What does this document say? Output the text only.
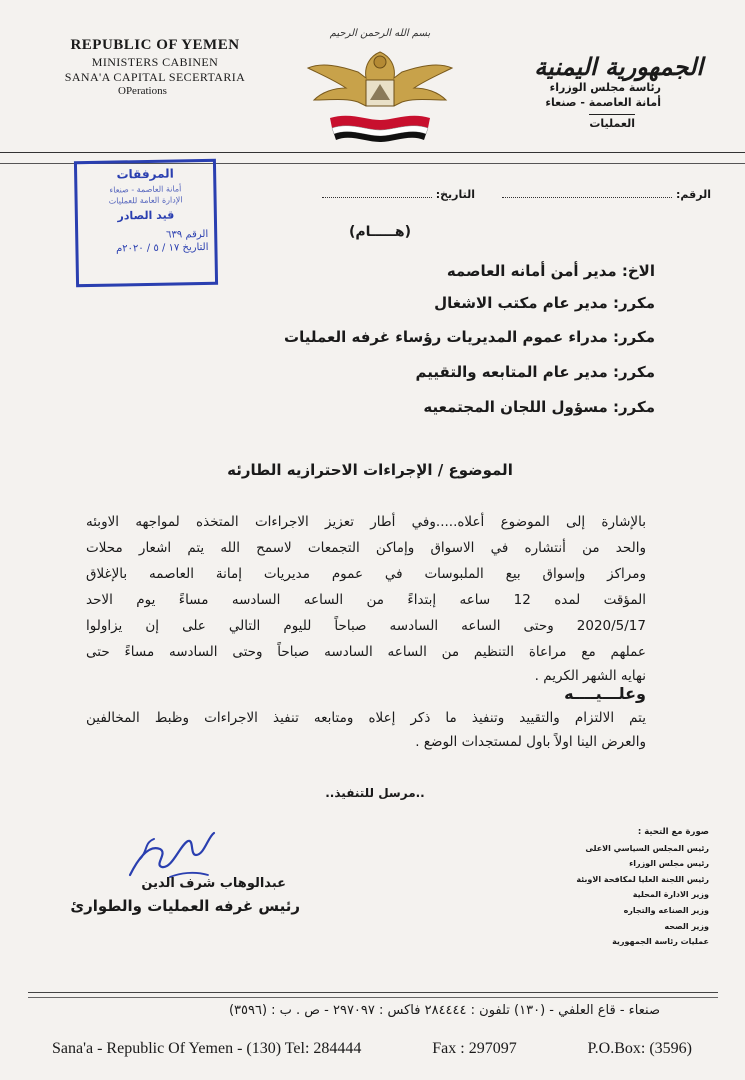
REPUBLIC OF YEMEN
MINISTERS CABINEN
SANA'A CAPITAL SECERTARIA
OPerations
بسم الله الرحمن الرحيم
الجمهورية اليمنية
رئاسة مجلس الوزراء
أمانة العاصمة - صنعاء
العمليات
الرقم:
التاريخ:
المرفقات
أمانة العاصمة - صنعاء
الإدارة العامة للعمليات
قيد الصادر
الرقم ٦٣٩
التاريخ ١٧ / ٥ / ٢٠٢٠م
(هـــــام)
الاخ: مدير أمن أمانه العاصمه
مكرر: مدير عام مكتب الاشغال
مكرر: مدراء عموم المديريات رؤساء غرفه العمليات
مكرر: مدير عام المتابعه والتقييم
مكرر: مسؤول اللجان المجتمعيه
الموضوع / الإجراءات الاحترازيه الطارئه
بالإشارة إلى الموضوع أعلاه.....وفي أطار تعزيز الاجراءات المتخذه لمواجهه الاوبئه
والحد من أنتشاره في الاسواق وإماكن التجمعات لاسمح الله يتم اشعار محلات
ومراكز وإسواق بيع الملبوسات في عموم مديريات إمانة العاصمه بالإغلاق
المؤقت لمده 12 ساعه إبتداءً من الساعه السادسه مساءً يوم الاحد
2020/5/17 وحتى الساعه السادسه صباحاً لليوم التالي على إن يزاولوا
عملهم مع مراعاة التنظيم من الساعه السادسه صباحاً وحتى السادسه مساءً حتى
نهايه الشهر الكريم .
وعلـــيــــه
يتم الالتزام والتقييد وتنفيذ ما ذكر إعلاه ومتابعه تنفيذ الاجراءات وظبط المخالفين
والعرض الينا اولاً باول لمستجدات الوضع .
..مرسل للتنفيذ..
عبدالوهاب شرف الدين
رئيس غرفه العمليات والطوارئ
صورة مع التحية :
رئيس المجلس السياسي الاعلى
رئيس مجلس الوزراء
رئيس اللجنة العليا لمكافحة الاوبئة
وزير الادارة المحلية
وزير الصناعه والتجاره
وزير الصحه
عمليات رئاسة الجمهورية
صنعاء - قاع العلفي - (١٣٠) تلفون : ٢٨٤٤٤٤ فاكس : ٢٩٧٠٩٧ - ص . ب : (٣٥٩٦)
Sana'a - Republic Of Yemen - (130) Tel: 284444	Fax : 297097	P.O.Box: (3596)
